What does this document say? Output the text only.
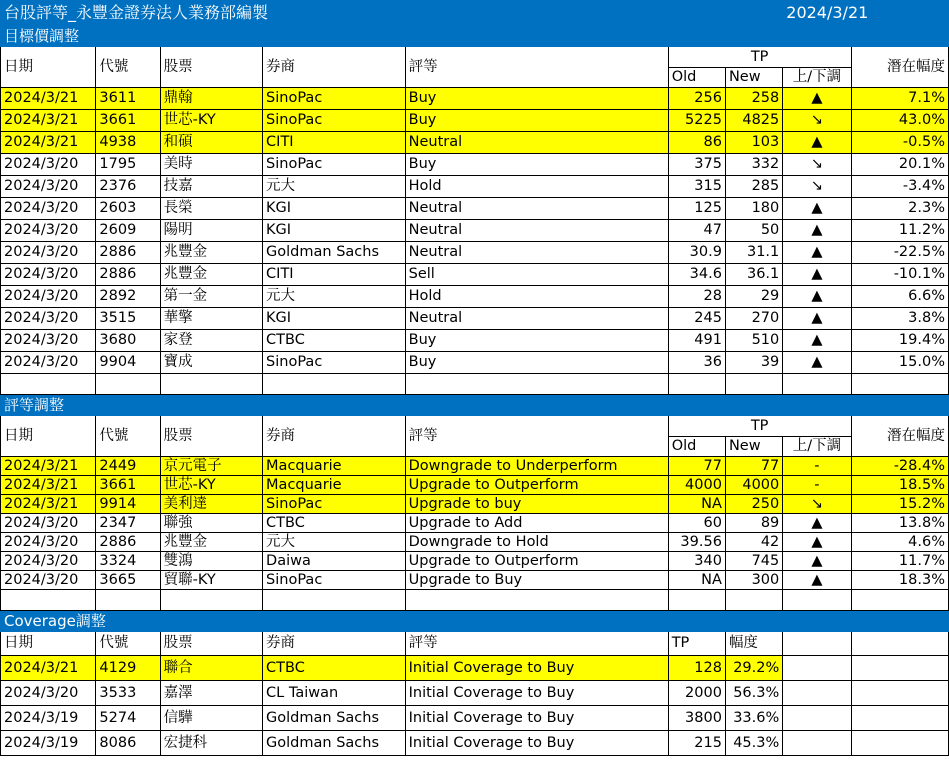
台股評等_永豐金證券法人業務部編製							2024/3/21	
目標價調整								
日期	代號	股票	券商	評等	TP			潛在幅度
					Old	New	上/下調	
2024/3/21	3611	鼎翰	SinoPac	Buy	256	258	▲	7.1%
2024/3/21	3661	世芯-KY	SinoPac	Buy	5225	4825	↘	43.0%
2024/3/21	4938	和碩	CITI	Neutral	86	103	▲	-0.5%
2024/3/20	1795	美時	SinoPac	Buy	375	332	↘	20.1%
2024/3/20	2376	技嘉	元大	Hold	315	285	↘	-3.4%
2024/3/20	2603	長榮	KGI	Neutral	125	180	▲	2.3%
2024/3/20	2609	陽明	KGI	Neutral	47	50	▲	11.2%
2024/3/20	2886	兆豐金	Goldman Sachs	Neutral	30.9	31.1	▲	-22.5%
2024/3/20	2886	兆豐金	CITI	Sell	34.6	36.1	▲	-10.1%
2024/3/20	2892	第一金	元大	Hold	28	29	▲	6.6%
2024/3/20	3515	華擎	KGI	Neutral	245	270	▲	3.8%
2024/3/20	3680	家登	CTBC	Buy	491	510	▲	19.4%
2024/3/20	9904	寶成	SinoPac	Buy	36	39	▲	15.0%

評等調整								
日期	代號	股票	券商	評等	TP			潛在幅度
					Old	New	上/下調	
2024/3/21	2449	京元電子	Macquarie	Downgrade to Underperform	77	77	-	-28.4%
2024/3/21	3661	世芯-KY	Macquarie	Upgrade to Outperform	4000	4000	-	18.5%
2024/3/21	9914	美利達	SinoPac	Upgrade to buy	NA	250	↘	15.2%
2024/3/20	2347	聯強	CTBC	Upgrade to Add	60	89	▲	13.8%
2024/3/20	2886	兆豐金	元大	Downgrade to Hold	39.56	42	▲	4.6%
2024/3/20	3324	雙鴻	Daiwa	Upgrade to Outperform	340	745	▲	11.7%
2024/3/20	3665	貿聯-KY	SinoPac	Upgrade to Buy	NA	300	▲	18.3%

Coverage調整								
日期	代號	股票	券商	評等	TP	幅度		
2024/3/21	4129	聯合	CTBC	Initial Coverage to Buy	128	29.2%		
2024/3/20	3533	嘉澤	CL Taiwan	Initial Coverage to Buy	2000	56.3%		
2024/3/19	5274	信驊	Goldman Sachs	Initial Coverage to Buy	3800	33.6%		
2024/3/19	8086	宏捷科	Goldman Sachs	Initial Coverage to Buy	215	45.3%		
